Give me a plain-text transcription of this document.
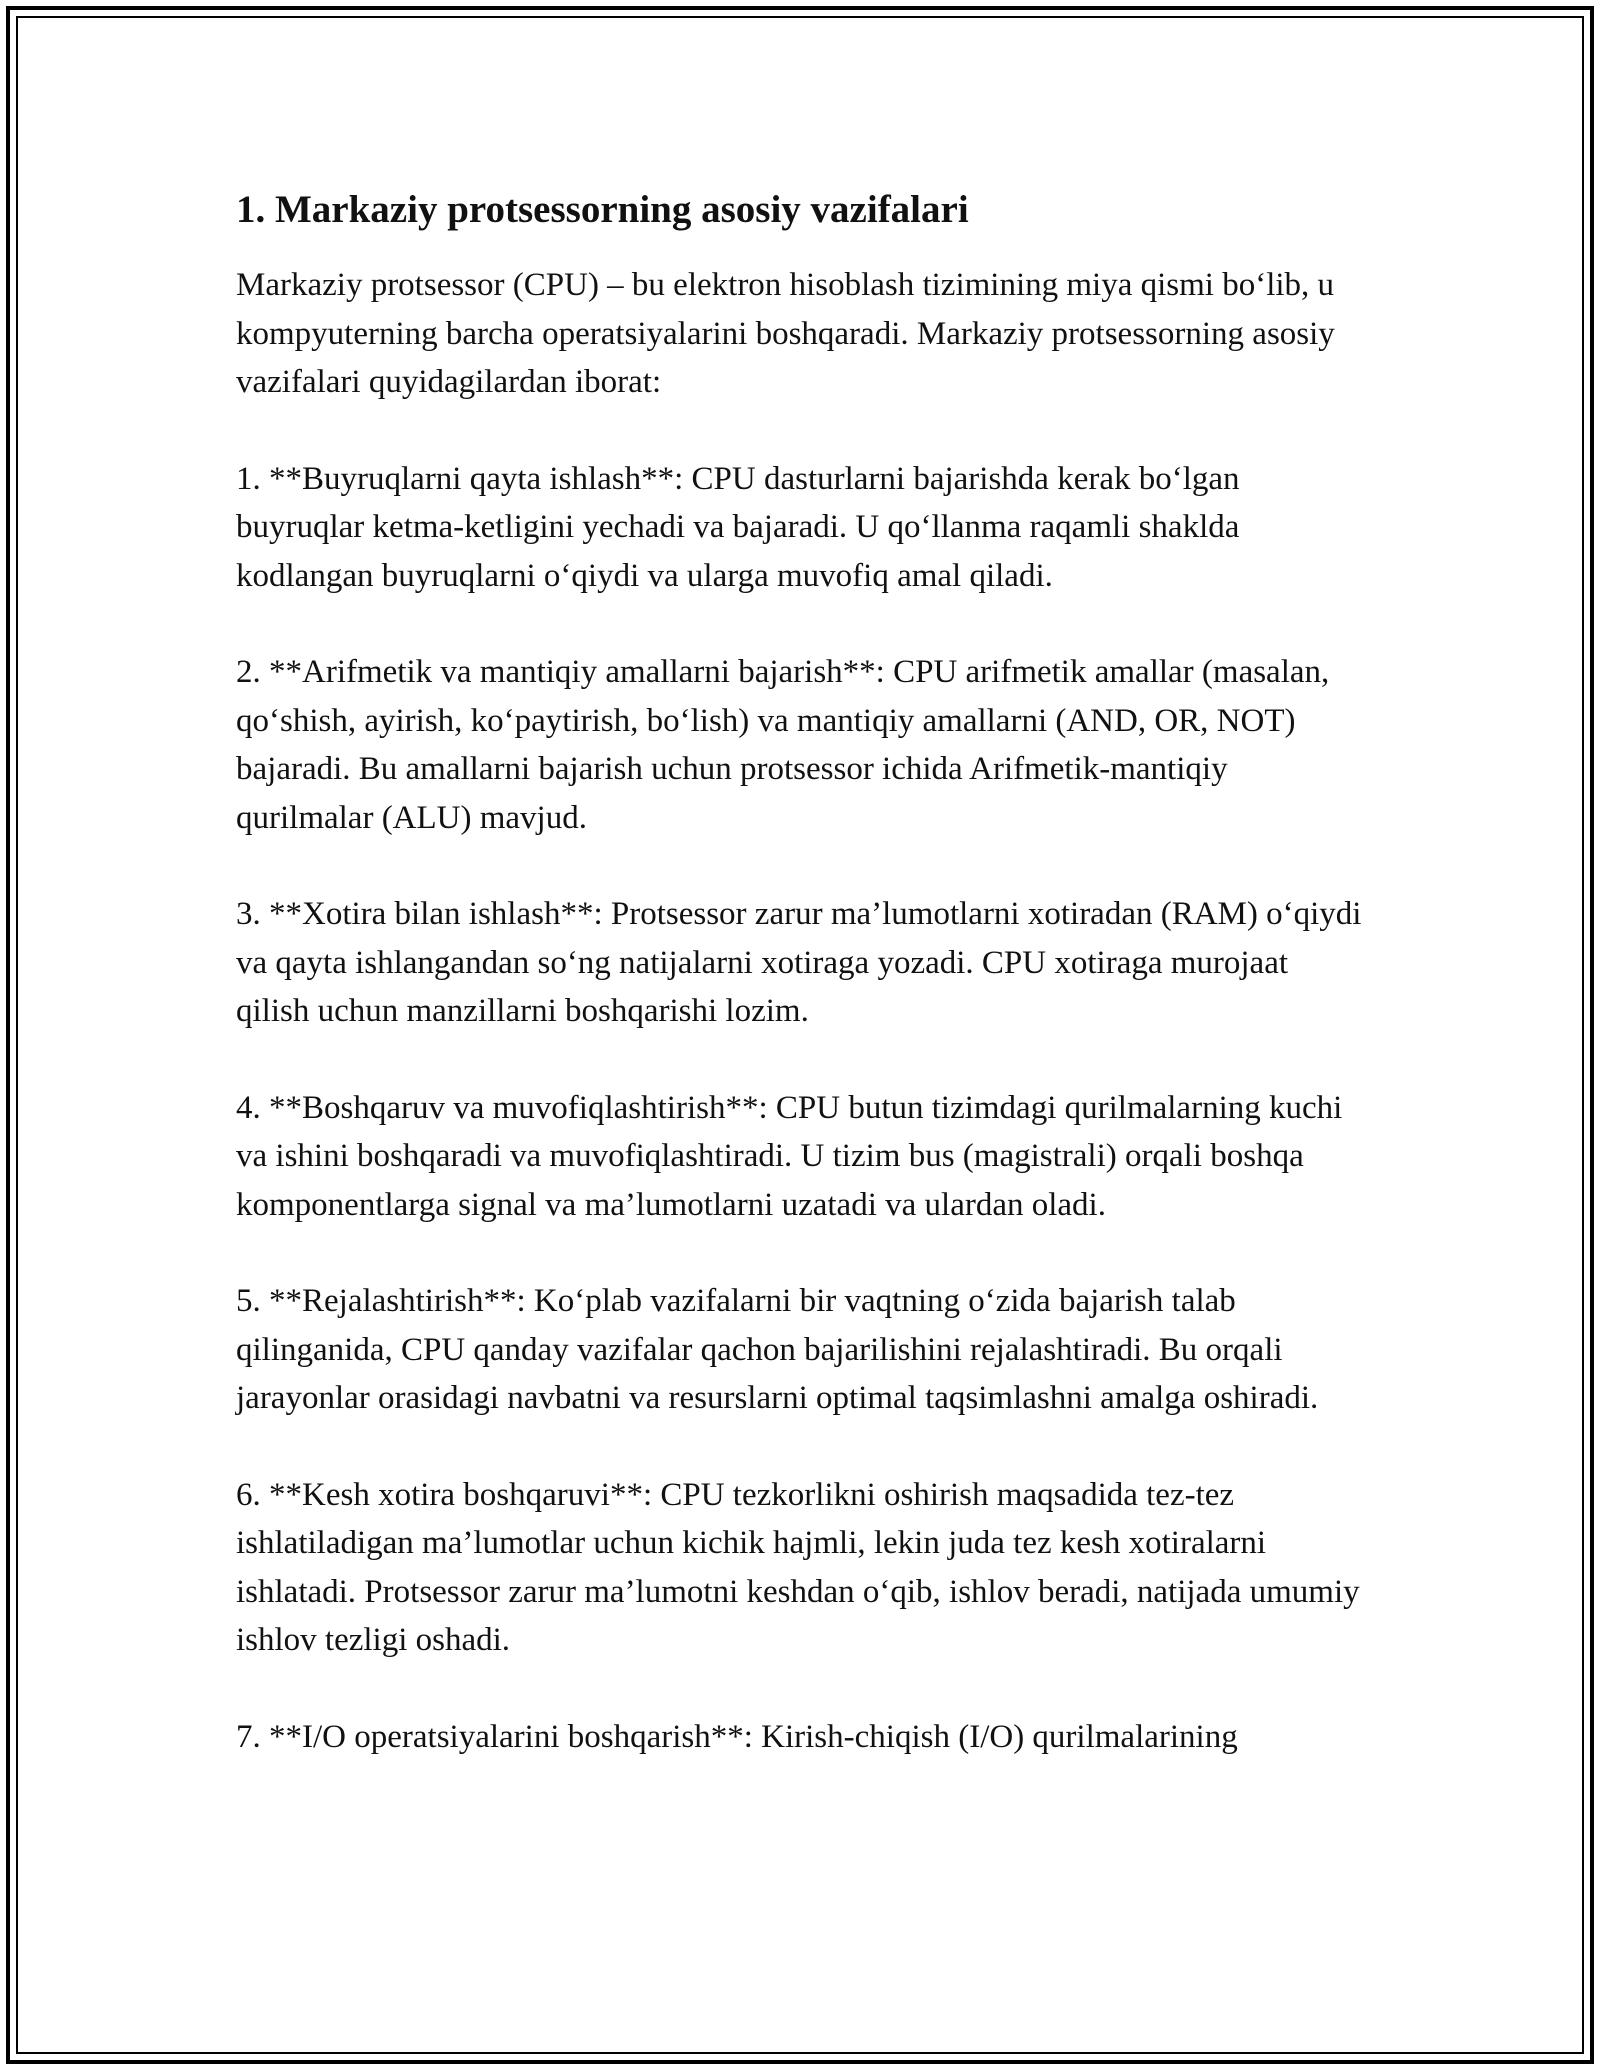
1. Markaziy protsessorning asosiy vazifalari

Markaziy protsessor (CPU) – bu elektron hisoblash tizimining miya qismi bo‘lib, u kompyuterning barcha operatsiyalarini boshqaradi. Markaziy protsessorning asosiy vazifalari quyidagilardan iborat:

1. **Buyruqlarni qayta ishlash**: CPU dasturlarni bajarishda kerak bo‘lgan buyruqlar ketma-ketligini yechadi va bajaradi. U qo‘llanma raqamli shaklda kodlangan buyruqlarni o‘qiydi va ularga muvofiq amal qiladi.

2. **Arifmetik va mantiqiy amallarni bajarish**: CPU arifmetik amallar (masalan, qo‘shish, ayirish, ko‘paytirish, bo‘lish) va mantiqiy amallarni (AND, OR, NOT) bajaradi. Bu amallarni bajarish uchun protsessor ichida Arifmetik-mantiqiy qurilmalar (ALU) mavjud.

3. **Xotira bilan ishlash**: Protsessor zarur ma’lumotlarni xotiradan (RAM) o‘qiydi va qayta ishlangandan so‘ng natijalarni xotiraga yozadi. CPU xotiraga murojaat qilish uchun manzillarni boshqarishi lozim.

4. **Boshqaruv va muvofiqlashtirish**: CPU butun tizimdagi qurilmalarning kuchi va ishini boshqaradi va muvofiqlashtiradi. U tizim bus (magistrali) orqali boshqa komponentlarga signal va ma’lumotlarni uzatadi va ulardan oladi.

5. **Rejalashtirish**: Ko‘plab vazifalarni bir vaqtning o‘zida bajarish talab qilinganida, CPU qanday vazifalar qachon bajarilishini rejalashtiradi. Bu orqali jarayonlar orasidagi navbatni va resurslarni optimal taqsimlashni amalga oshiradi.

6. **Kesh xotira boshqaruvi**: CPU tezkorlikni oshirish maqsadida tez-tez ishlatiladigan ma’lumotlar uchun kichik hajmli, lekin juda tez kesh xotiralarni ishlatadi. Protsessor zarur ma’lumotni keshdan o‘qib, ishlov beradi, natijada umumiy ishlov tezligi oshadi.

7. **I/O operatsiyalarini boshqarish**: Kirish-chiqish (I/O) qurilmalarining
